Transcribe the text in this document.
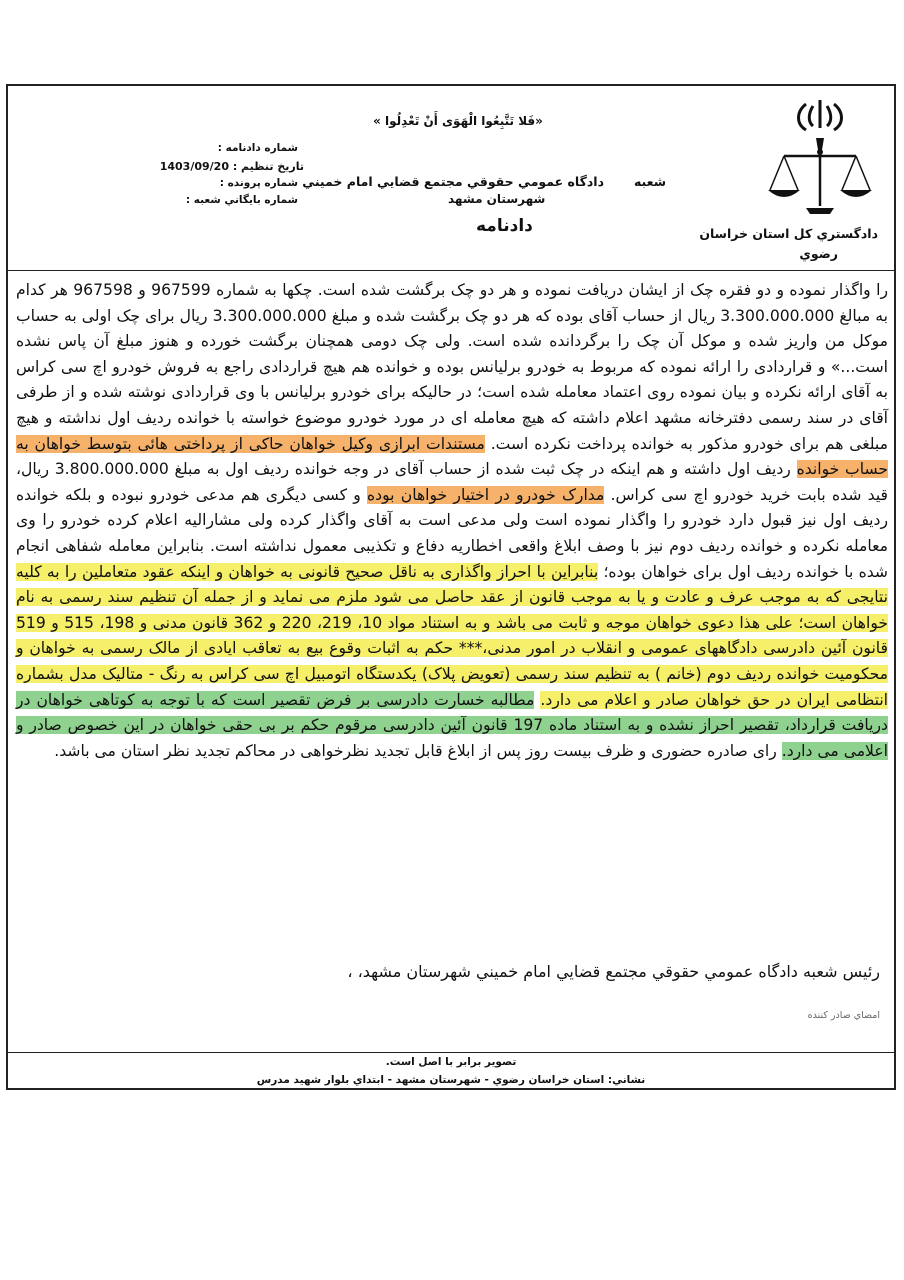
«فَلا تَتَّبِعُوا الْهَوَى أَنْ تَعْدِلُوا »
شعبه
دادگاه عمومي حقوقي مجتمع قضايي امام خميني
شهرستان مشهد
دادنامه
شماره دادنامه :
تاريخ تنظيم : 1403/09/20
شماره پرونده :
شماره بايگاني شعبه :
دادگستري كل استان خراسان
رضوي

را واگذار نموده و دو فقره چک از ایشان دریافت نموده و هر دو چک برگشت شده است. چکها به شماره 967599 و 967598 هر کدام به مبالغ 3.300.000.000 ریال از حساب آقای بوده که هر دو چک برگشت شده و مبلغ 3.300.000.000 ریال برای چک اولی به حساب موکل من واریز شده و موکل آن چک را برگردانده شده است. ولی چک دومی همچنان برگشت خورده و هنوز مبلغ آن پاس نشده است...» و قراردادی را ارائه نموده که مربوط به خودرو برلیانس بوده و خوانده هم هیچ قراردادی راجع به فروش خودرو اچ سی کراس به آقای ارائه نکرده و بیان نموده روی اعتماد معامله شده است؛ در حالیکه برای خودرو برلیانس با وی قراردادی نوشته شده و از طرفی آقای در سند رسمی دفترخانه مشهد اعلام داشته که هیچ معامله ای در مورد خودرو موضوع خواسته با خوانده ردیف اول نداشته و هیچ مبلغی هم برای خودرو مذکور به خوانده پرداخت نکرده است. مستندات ابرازی وکیل خواهان حاکی از پرداختی هائی بتوسط خواهان به حساب خوانده ردیف اول داشته و هم اینکه در چک ثبت شده از حساب آقای در وجه خوانده ردیف اول به مبلغ 3.800.000.000 ریال، قید شده بابت خرید خودرو اچ سی کراس. مدارک خودرو در اختیار خواهان بوده و کسی دیگری هم مدعی خودرو نبوده و بلکه خوانده ردیف اول نیز قبول دارد خودرو را واگذار نموده است ولی مدعی است به آقای واگذار کرده ولی مشارالیه اعلام کرده خودرو را وی معامله نکرده و خوانده ردیف دوم نیز با وصف ابلاغ واقعی اخطاریه دفاع و تکذیبی معمول نداشته است. بنابراین معامله شفاهی انجام شده با خوانده ردیف اول برای خواهان بوده؛ بنابراین با احراز واگذاری به ناقل صحیح قانونی به خواهان و اینکه عقود متعاملین را به کلیه نتایجی که به موجب عرف و عادت و یا به موجب قانون از عقد حاصل می شود ملزم می نماید و از جمله آن تنظیم سند رسمی به نام خواهان است؛ علی هذا دعوی خواهان موجه و ثابت می باشد و به استناد مواد 10، 219، 220 و 362 قانون مدنی و 198، 515 و 519 قانون آئین دادرسی دادگاههای عمومی و انقلاب در امور مدنی،*** حکم به اثبات وقوع بیع به تعاقب ایادی از مالک رسمی به خواهان و محکومیت خوانده ردیف دوم (خانم ) به تنظیم سند رسمی (تعویض پلاک) یکدستگاه اتومبیل اچ سی کراس به رنگ - متالیک مدل بشماره انتظامی ایران در حق خواهان صادر و اعلام می دارد. مطالبه خسارت دادرسی بر فرض تقصیر است که با توجه به کوتاهی خواهان در دریافت قرارداد، تقصیر احراز نشده و به استناد ماده 197 قانون آئین دادرسی مرقوم حکم بر بی حقی خواهان در این خصوص صادر و اعلامی می دارد. رای صادره حضوری و ظرف بیست روز پس از ابلاغ قابل تجدید نظرخواهی در محاکم تجدید نظر استان می باشد.

رئيس شعبه دادگاه عمومي حقوقي مجتمع قضايي امام خميني شهرستان مشهد، ،
امضاي صادر كننده
تصوير برابر با اصل است.
نشاني: استان خراسان رضوي - شهرستان مشهد - ابتداي بلوار شهيد مدرس
